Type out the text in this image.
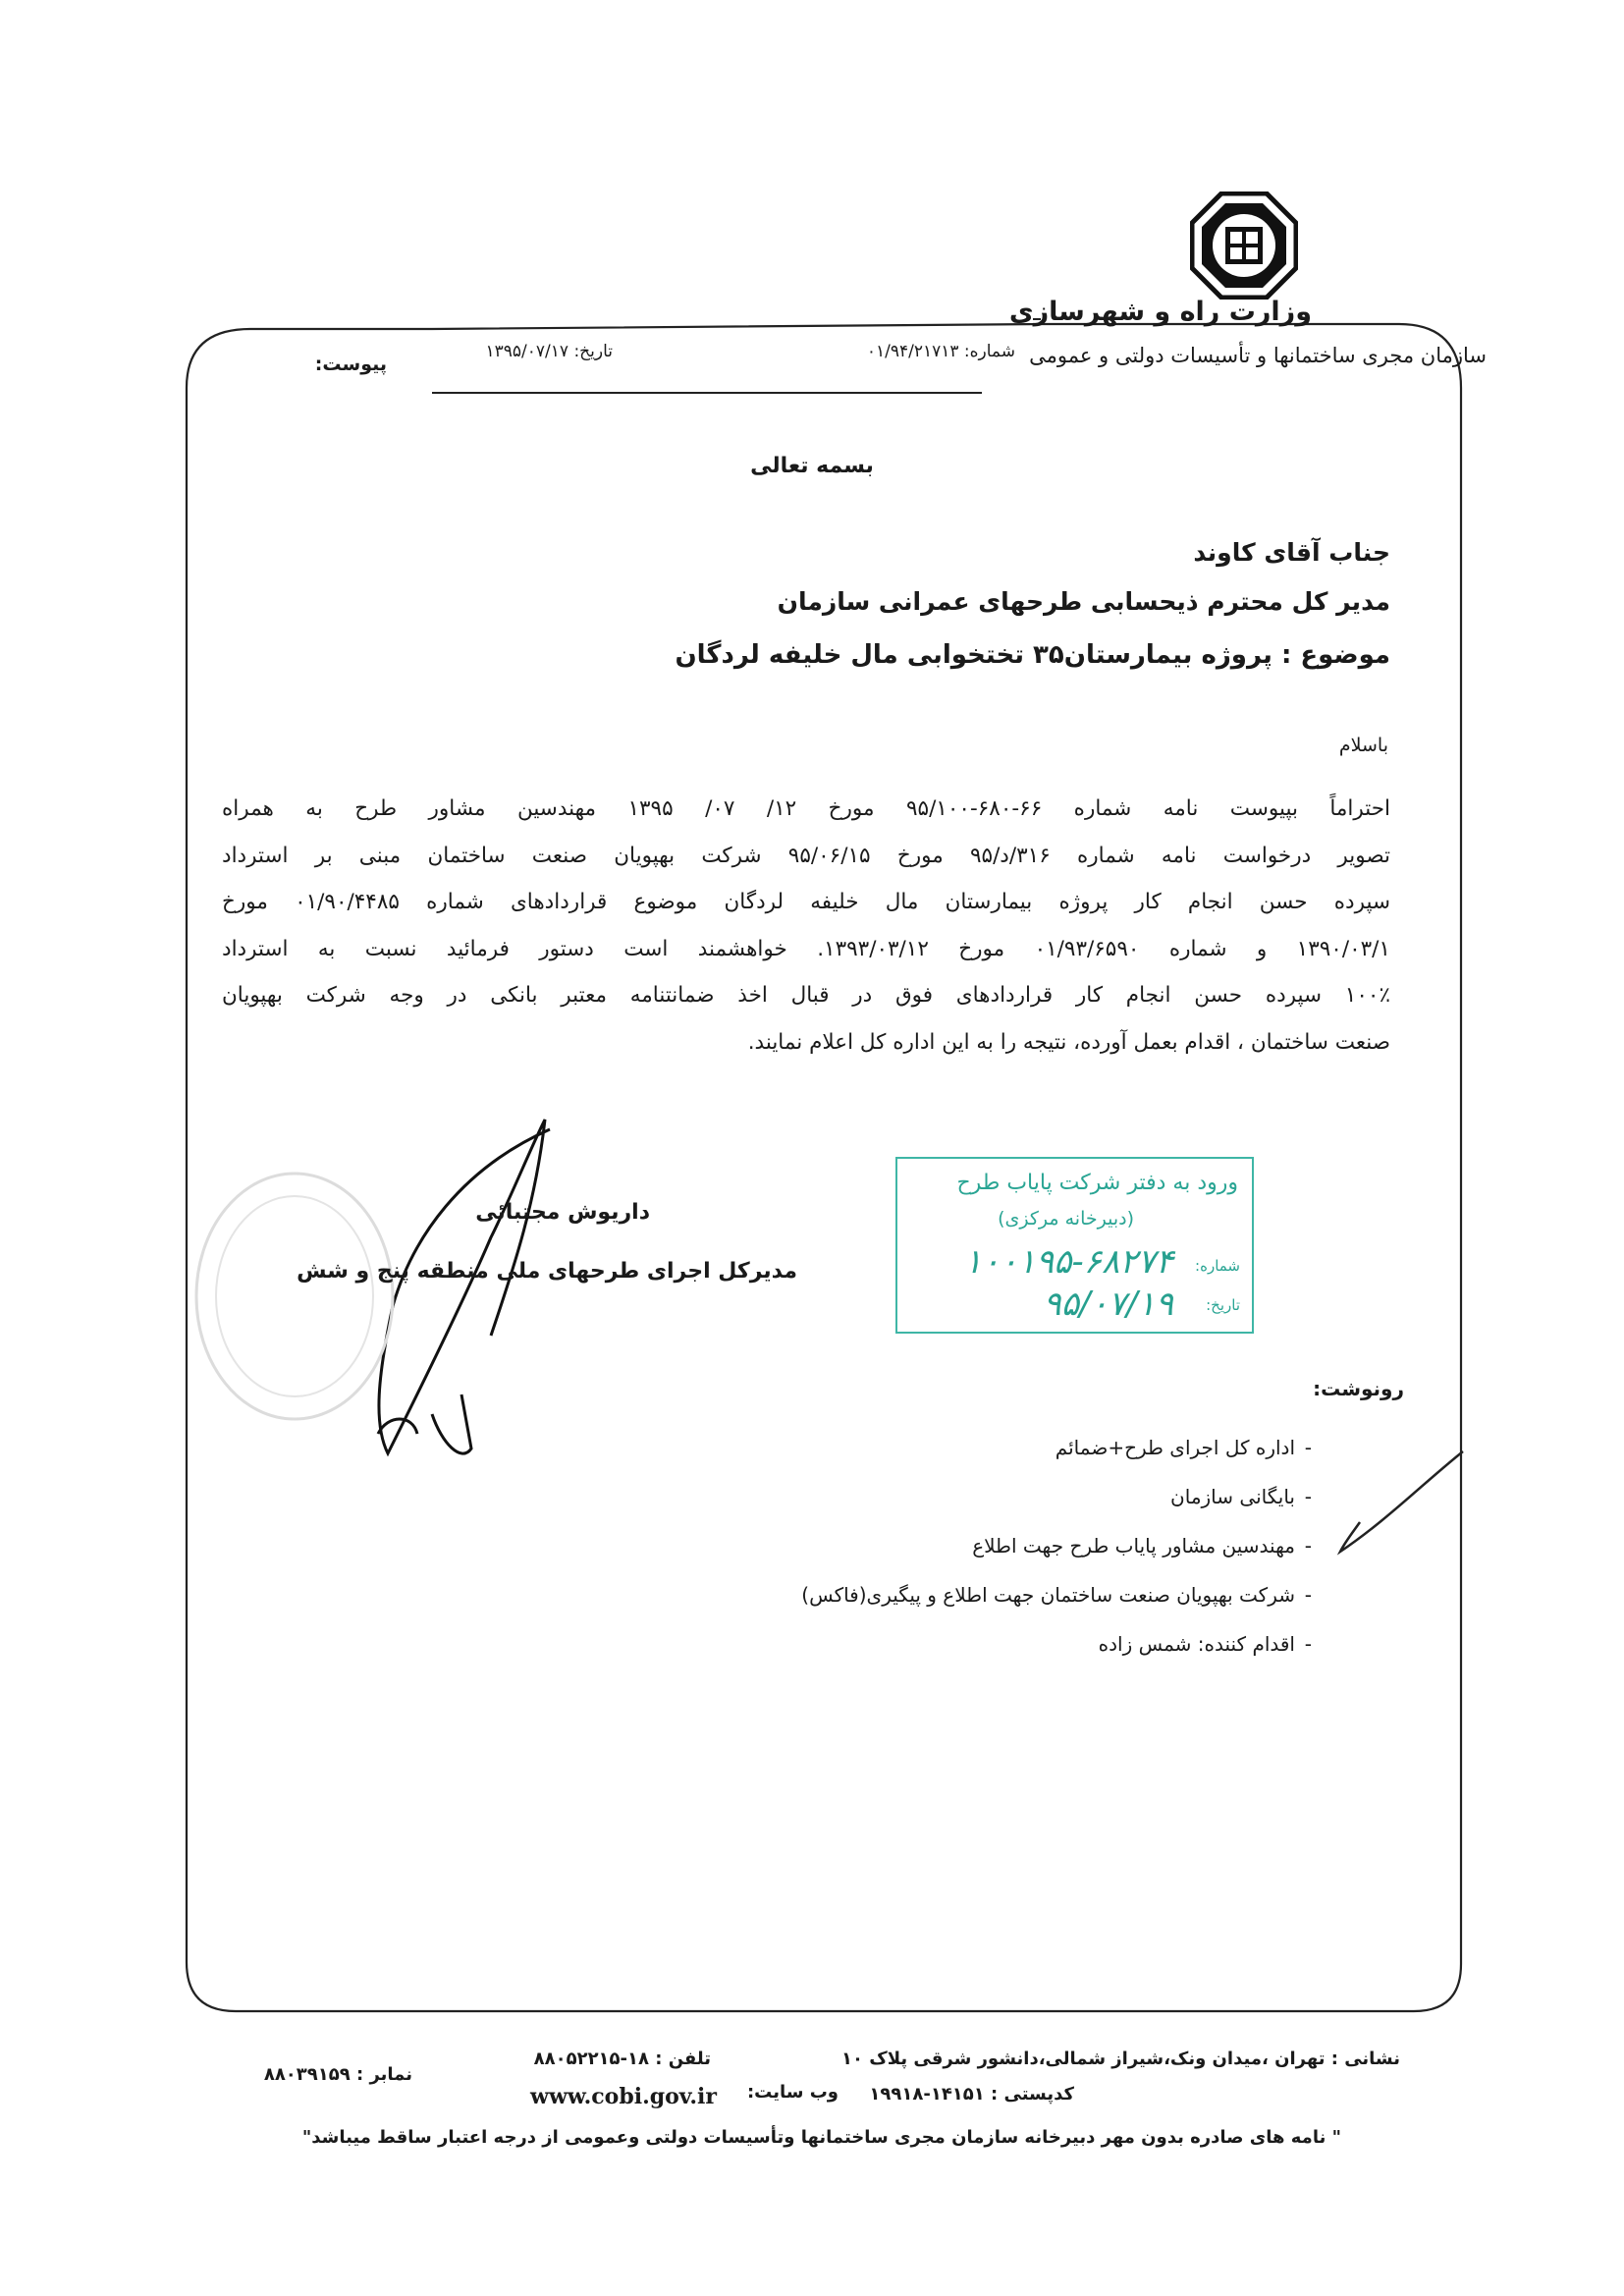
وزارت راه و شهرسازی
سازمان مجری ساختمانها و تأسیسات دولتی و عمومی
شماره: ۰۱/۹۴/۲۱۷۱۳
تاریخ: ۱۳۹۵/۰۷/۱۷
پیوست:
بسمه تعالی
جناب آقای کاوند
مدیر کل محترم ذیحسابی طرحهای عمرانی سازمان
موضوع : پروژه بیمارستان۳۵ تختخوابی مال خلیفه لردگان
باسلام
احتراماً بپیوست نامه شماره ۶۶-۶۸۰-۹۵/۱۰۰ مورخ ۱۲/ ۰۷/ ۱۳۹۵ مهندسین مشاور طرح به همراه
تصویر درخواست نامه شماره ۳۱۶/د/۹۵ مورخ ۹۵/۰۶/۱۵ شرکت بهپویان صنعت ساختمان مبنی بر استرداد
سپرده حسن انجام کار پروژه بیمارستان مال خلیفه لردگان موضوع قراردادهای شماره ۰۱/۹۰/۴۴۸۵ مورخ
۱۳۹۰/۰۳/۱ و شماره ۰۱/۹۳/۶۵۹۰ مورخ ۱۳۹۳/۰۳/۱۲. خواهشمند است دستور فرمائید نسبت به استرداد
۱۰۰٪ سپرده حسن انجام کار قراردادهای فوق در قبال اخذ ضمانتنامه معتبر بانکی در وجه شرکت بهپویان
صنعت ساختمان ، اقدام بعمل آورده، نتیجه را به این اداره کل اعلام نمایند.
داریوش مجتبائی
مدیرکل اجرای طرحهای ملی منطقه پنج و شش
ورود به دفتر شرکت پایاب طرح
(دبیرخانه مرکزی)
شماره:
۱۰۰۱۹۵-۶۸۲۷۴
تاریخ:
۹۵/۰۷/۱۹
رونوشت:
- اداره کل اجرای طرح+ضمائم
- بایگانی سازمان
- مهندسین مشاور پایاب طرح جهت اطلاع
- شرکت بهپویان صنعت ساختمان جهت اطلاع و پیگیری(فاکس)
- اقدام کننده: شمس زاده
نشانی : تهران ،میدان ونک،شیراز شمالی،دانشور شرقی پلاک ۱۰
تلفن : ۱۸-۸۸۰۵۲۲۱۵
نمابر : ۸۸۰۳۹۱۵۹
کدپستی : ۱۴۱۵۱-۱۹۹۱۸
وب سایت:
www.cobi.gov.ir
" نامه های صادره بدون مهر دبیرخانه سازمان مجری ساختمانها وتأسیسات دولتی وعمومی از درجه اعتبار ساقط میباشد"
